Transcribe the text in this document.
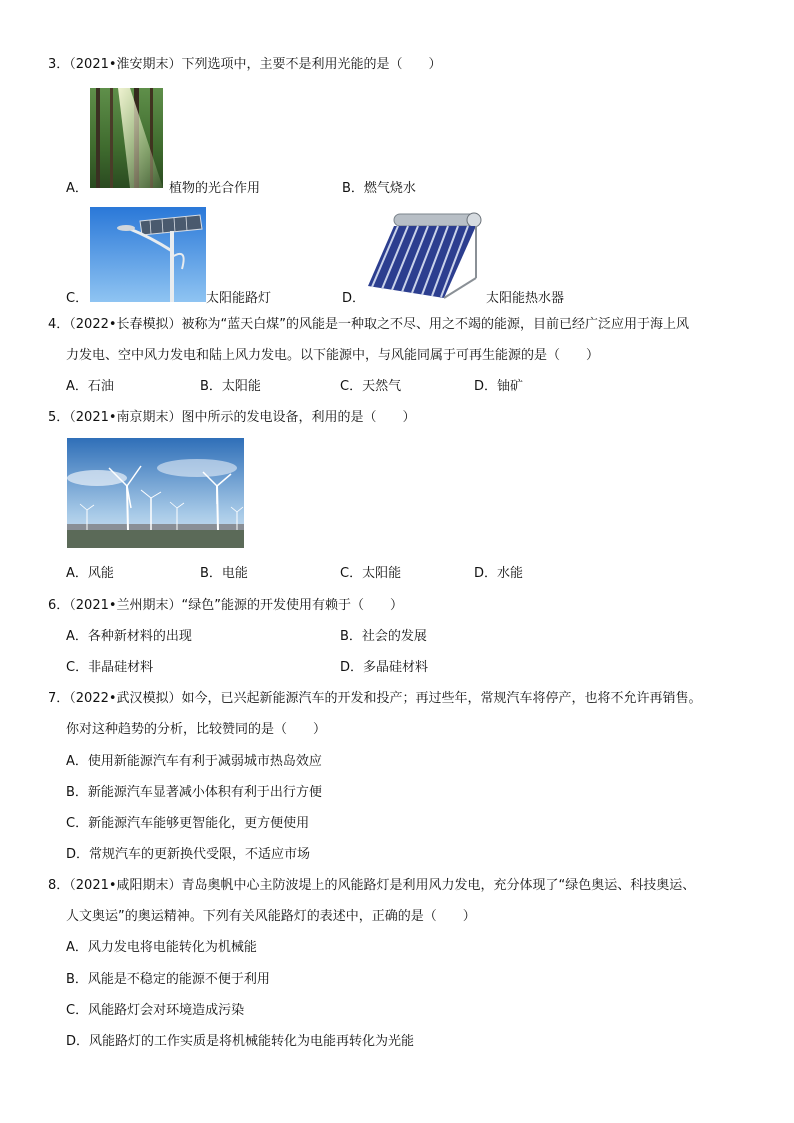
3．（2021•淮安期末）下列选项中，主要不是利用光能的是（　　）
A．	植物的光合作用	B．燃气烧水
C．	太阳能路灯	D．	太阳能热水器
4．（2022•长春模拟）被称为“蓝天白煤”的风能是一种取之不尽、用之不竭的能源，目前已经广泛应用于海上风
力发电、空中风力发电和陆上风力发电。以下能源中，与风能同属于可再生能源的是（　　）
A．石油	B．太阳能	C．天然气	D．铀矿
5．（2021•南京期末）图中所示的发电设备，利用的是（　　）
A．风能	B．电能	C．太阳能	D．水能
6．（2021•兰州期末）“绿色”能源的开发使用有赖于（　　）
A．各种新材料的出现	B．社会的发展
C．非晶硅材料	D．多晶硅材料
7．（2022•武汉模拟）如今，已兴起新能源汽车的开发和投产；再过些年，常规汽车将停产，也将不允许再销售。
你对这种趋势的分析，比较赞同的是（　　）
A．使用新能源汽车有利于减弱城市热岛效应
B．新能源汽车显著减小体积有利于出行方便
C．新能源汽车能够更智能化，更方便使用
D．常规汽车的更新换代受限，不适应市场
8．（2021•咸阳期末）青岛奥帆中心主防波堤上的风能路灯是利用风力发电，充分体现了“绿色奥运、科技奥运、
人文奥运”的奥运精神。下列有关风能路灯的表述中，正确的是（　　）
A．风力发电将电能转化为机械能
B．风能是不稳定的能源不便于利用
C．风能路灯会对环境造成污染
D．风能路灯的工作实质是将机械能转化为电能再转化为光能
